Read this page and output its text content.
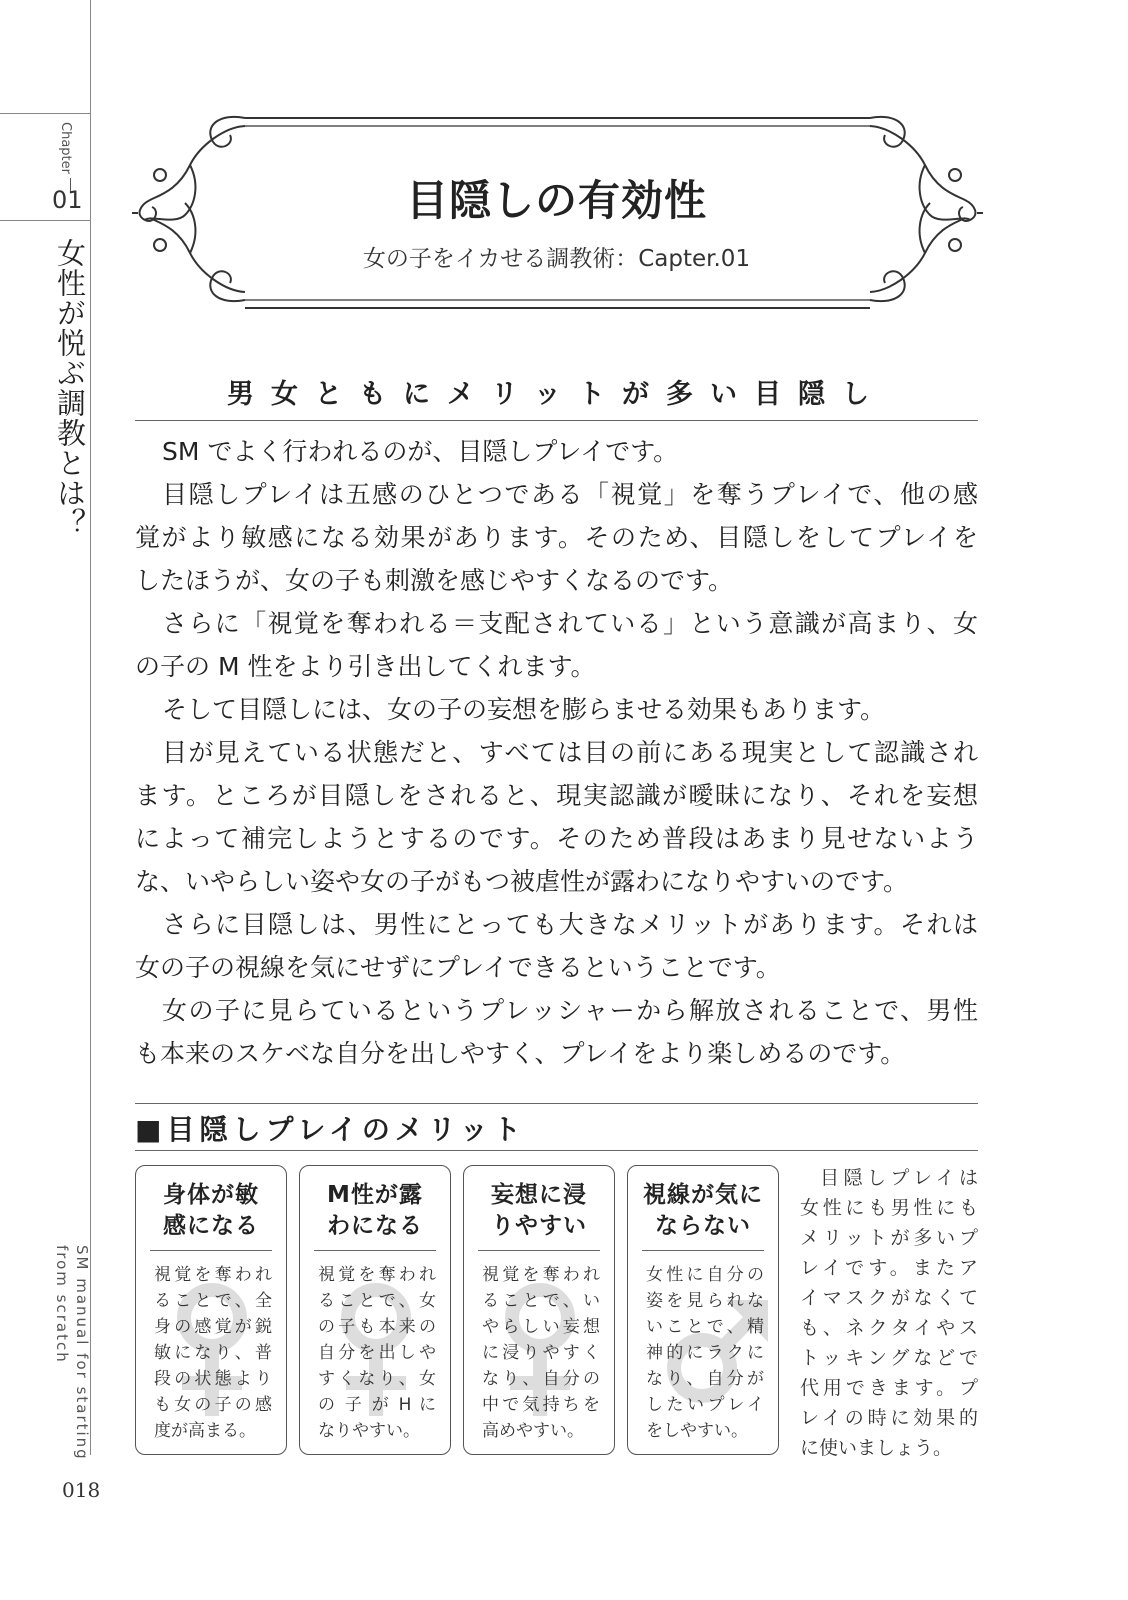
Chapter
01
女性が悦ぶ調教とは？
SM manual for starting
from scratch
018
目隠しの有効性
女の子をイカせる調教術：Capter.01
男女ともにメリットが多い目隠し
SM でよく行われるのが、目隠しプレイです。
目隠しプレイは五感のひとつである「視覚」を奪うプレイで、他の感
覚がより敏感になる効果があります。そのため、目隠しをしてプレイを
したほうが、女の子も刺激を感じやすくなるのです。
さらに「視覚を奪われる＝支配されている」という意識が高まり、女
の子の M 性をより引き出してくれます。
そして目隠しには、女の子の妄想を膨らませる効果もあります。
目が見えている状態だと、すべては目の前にある現実として認識され
ます。ところが目隠しをされると、現実認識が曖昧になり、それを妄想
によって補完しようとするのです。そのため普段はあまり見せないよう
な、いやらしい姿や女の子がもつ被虐性が露わになりやすいのです。
さらに目隠しは、男性にとっても大きなメリットがあります。それは
女の子の視線を気にせずにプレイできるということです。
女の子に見らているというプレッシャーから解放されることで、男性
も本来のスケベな自分を出しやすく、プレイをより楽しめるのです。
■目隠しプレイのメリット
身体が敏
感になる
視覚を奪われ
ることで、全
身の感覚が鋭
敏になり、普
段の状態より
も女の子の感
度が高まる。
M性が露
わになる
視覚を奪われ
ることで、女
の子も本来の
自分を出しや
すくなり、女
の 子 が H に
なりやすい。
妄想に浸
りやすい
視覚を奪われ
ることで、い
やらしい妄想
に浸りやすく
なり、自分の
中で気持ちを
高めやすい。
視線が気に
ならない
女性に自分の
姿を見られな
いことで、精
神的にラクに
なり、自分が
したいプレイ
をしやすい。
目隠しプレイは
女性にも男性にも
メリットが多いプ
レイです。またア
イマスクがなくて
も、ネクタイやス
トッキングなどで
代用できます。プ
レイの時に効果的
に使いましょう。
